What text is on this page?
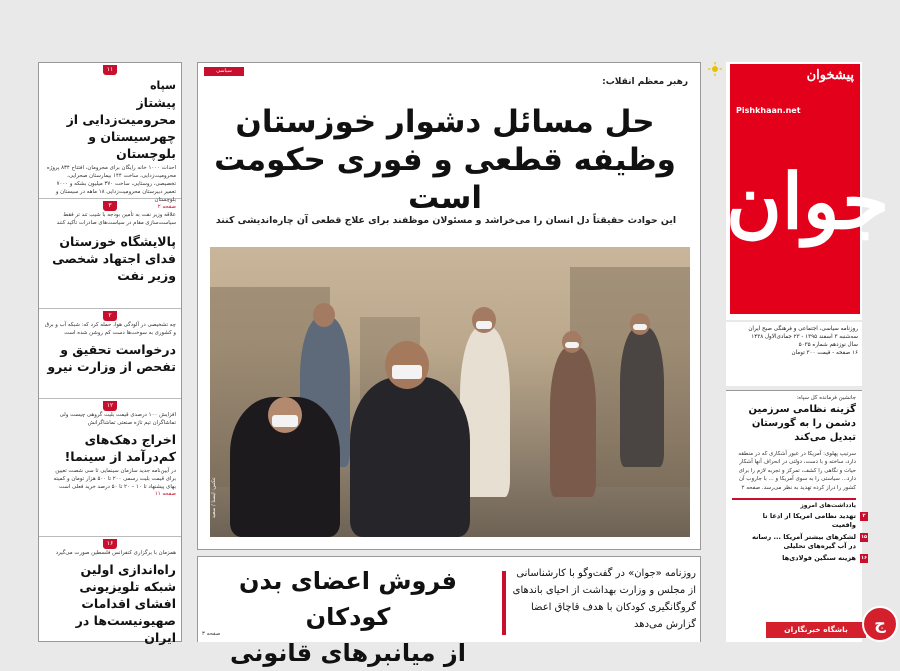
۱۱
سپاه
پیشتاز محرومیت‌زدایی از چهرسیستان و بلوچستان
احداث ۱۰۰۰ خانه رایگان برای محرومان، افتتاح ۸۳۴ پروژه محرومیت‌زدایی، ساخت ۱۴۴ بیمارستان صحرایی، تخصیصی، روستایی، ساخت ۳۷۰ میلیون بشکه و ۷۰۰۰ تعمیر دبیرستان محرومیت‌زدایی ۱۸ ماهه در سیستان و بلوچستان
صفحه ۲
۳
علاقه وزیر نفت به تأمین بودجه با شیب تند تر فقط سیاست‌سازی مقام در سیاست‌های صادرات تأکید کنند
پالایشگاه خوزستان فدای اجتهاد شخصی وزیر نفت
۲
چه تشخیصی در آلودگی هوا، حمله کرد که: شبکه آب و برق و کشوری به سوخت‌ها دست کم روشن شده است
درخواست تحقیق و تفحص از وزارت نیرو
۱۲
افزایش ۱۰۰ درصدی قیمت بلیت گروهی چیست ولی تماشاگران تیم تازه صنعتی تماشاگرانش
اخراج دهک‌های کم‌درآمد از سینما!
در آیین‌نامه جدید سازمان سینمایی تا سی شصت تعیین برای قیمت بلیت رسمی ۲۰۰ تا ۵۰۰ هزار تومان و کمیته بهای پیشنهاد تا ۱۰ – ۲۰ تا ۵۰ درصد خرید فعلی است
صفحه ۱۱
۱۶
همزمان با برگزاری کنفرانس فلسطین صورت می‌گیرد
راه‌اندازی اولین شبکه تلویزیونی افشای اقدامات صهیونیست‌ها در ایران
سیاسی
رهبر معظم انقلاب:
حل مسائل دشوار خوزستان
وظیفه قطعی و فوری حکومت است
این حوادث حقیقتاً دل انسان را می‌خراشد و مسئولان موظفند برای علاج قطعی آن چاره‌اندیشی کنند
عکس: ایسنا / سعید
فروش اعضای بدن کودکان
از میانبرهای قانونی
روزنامه «جوان» در گفت‌وگو با کارشناسانی از مجلس و وزارت بهداشت از احیای باندهای گروگانگیری کودکان با هدف قاچاق اعضا گزارش می‌دهد
صفحه ۳
پیشخوان
Pishkhaan.net
جوان
روزنامه سیاسی، اجتماعی و فرهنگی صبح ایران
سه‌شنبه ۳ اسفند ۱۳۹۵ - ۲۳ جمادی‌الاول ۱۴۳۸
سال نوزدهم شماره ۵۰۳۵
۱۶ صفحه - قیمت ۳۰۰ تومان
جانشین فرمانده کل سپاه:
گزینه نظامی سرزمین دشمن را به گورستان تبدیل می‌کند
سرتیپ پهلوی: آمریکا در عبور آشکاری که در منطقه دارد، ساخته و با دست، دولتی در انحراف آنها آشکار حیات و نگاهی را کشف، تمرکز و تجربه لازم را برای دارد... سیاستی را به سوی آمریکا و ... با جاروب آن کشور را دراز کرده تهدید به نظر می‌رسد. صفحه ۲
یادداشت‌های امروز
۲
تهدید نظامی امریکا از ادعا تا واقعیت
۱۵
لشکرهای بیشتر آمریکا ... رسانه در آب گیره‌های تحلیلی
۱۶
هزینه سنگین فولادی‌ها
باشگاه خبرنگاران	ج
